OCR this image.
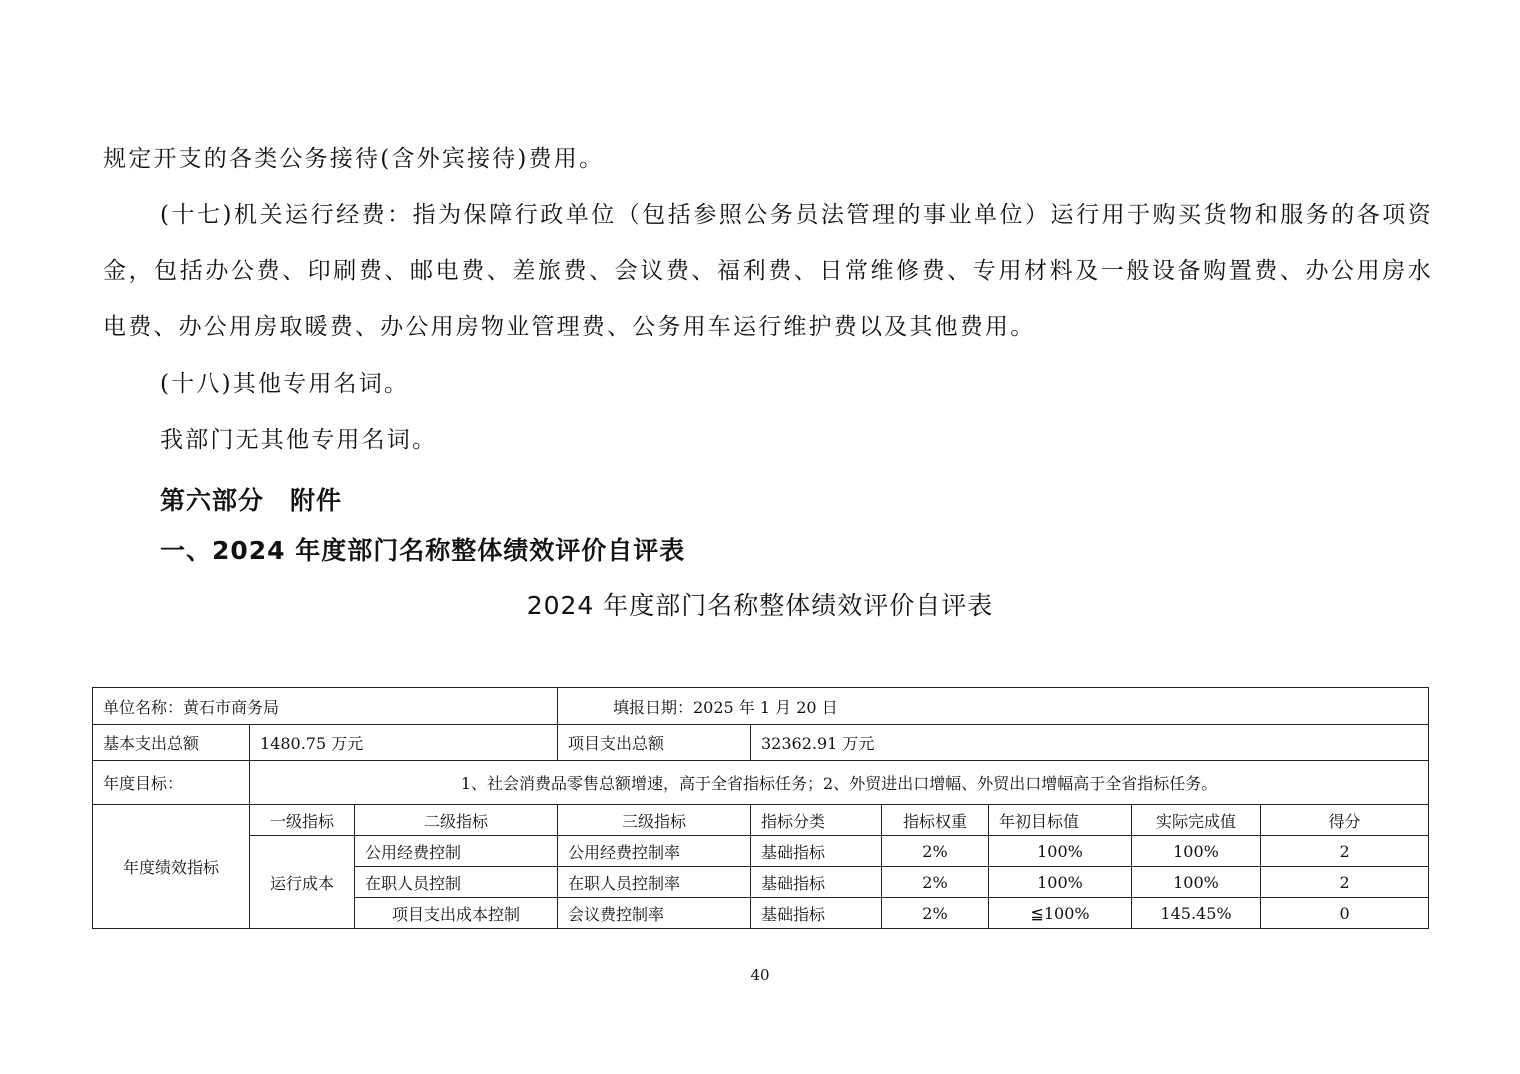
规定开支的各类公务接待(含外宾接待)费用。

(十七)机关运行经费：指为保障行政单位（包括参照公务员法管理的事业单位）运行用于购买货物和服务的各项资金，包括办公费、印刷费、邮电费、差旅费、会议费、福利费、日常维修费、专用材料及一般设备购置费、办公用房水电费、办公用房取暖费、办公用房物业管理费、公务用车运行维护费以及其他费用。

(十八)其他专用名词。

我部门无其他专用名词。

第六部分　附件
一、2024 年度部门名称整体绩效评价自评表
2024 年度部门名称整体绩效评价自评表
单位名称：黄石市商务局			填报日期：2025 年 1 月 20 日					
基本支出总额	1480.75 万元		项目支出总额	32362.91 万元				
年度目标：	1、社会消费品零售总额增速，高于全省指标任务；2、外贸进出口增幅、外贸出口增幅高于全省指标任务。							
年度绩效指标	一级指标	二级指标	三级指标	指标分类	指标权重	年初目标值	实际完成值	得分
	运行成本	公用经费控制	公用经费控制率	基础指标	2%	100%	100%	2
		在职人员控制	在职人员控制率	基础指标	2%	100%	100%	2
		项目支出成本控制	会议费控制率	基础指标	2%	≦100%	145.45%	0
40
